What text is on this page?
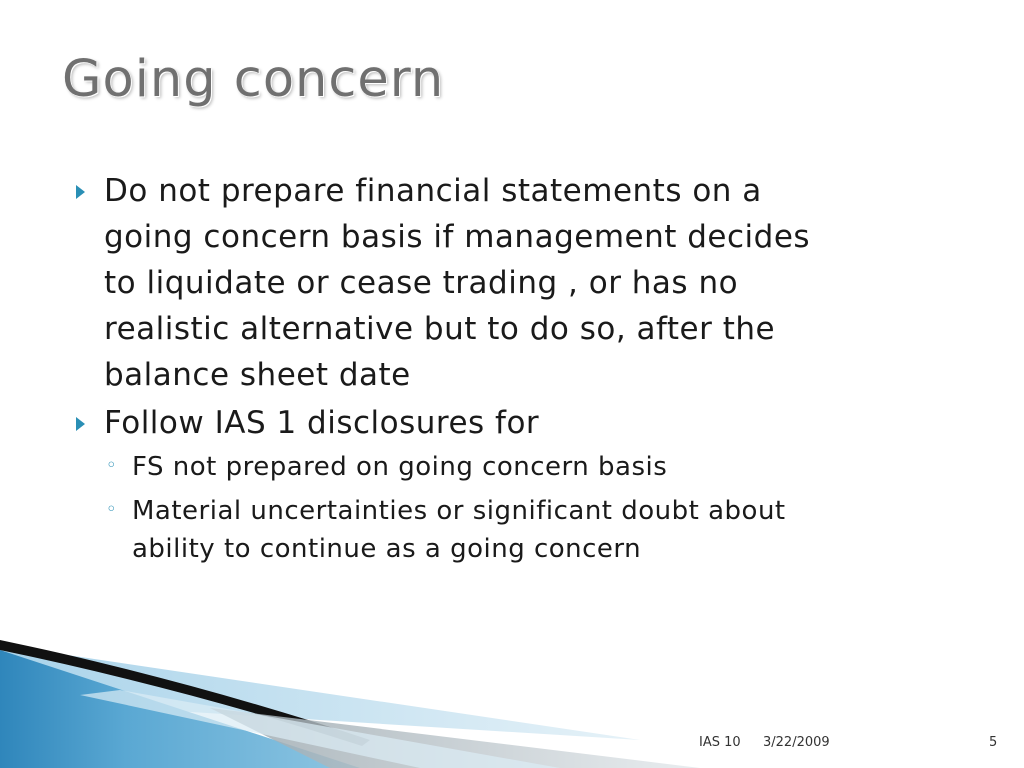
Going concern
Do not prepare financial statements on a
going concern basis if management decides
to liquidate or cease trading , or has no
realistic alternative but to do so, after the
balance sheet date
Follow IAS 1 disclosures for
◦ FS not prepared on going concern basis
◦ Material uncertainties or significant doubt about
ability to continue as a going concern
IAS 10 3/22/2009	5
